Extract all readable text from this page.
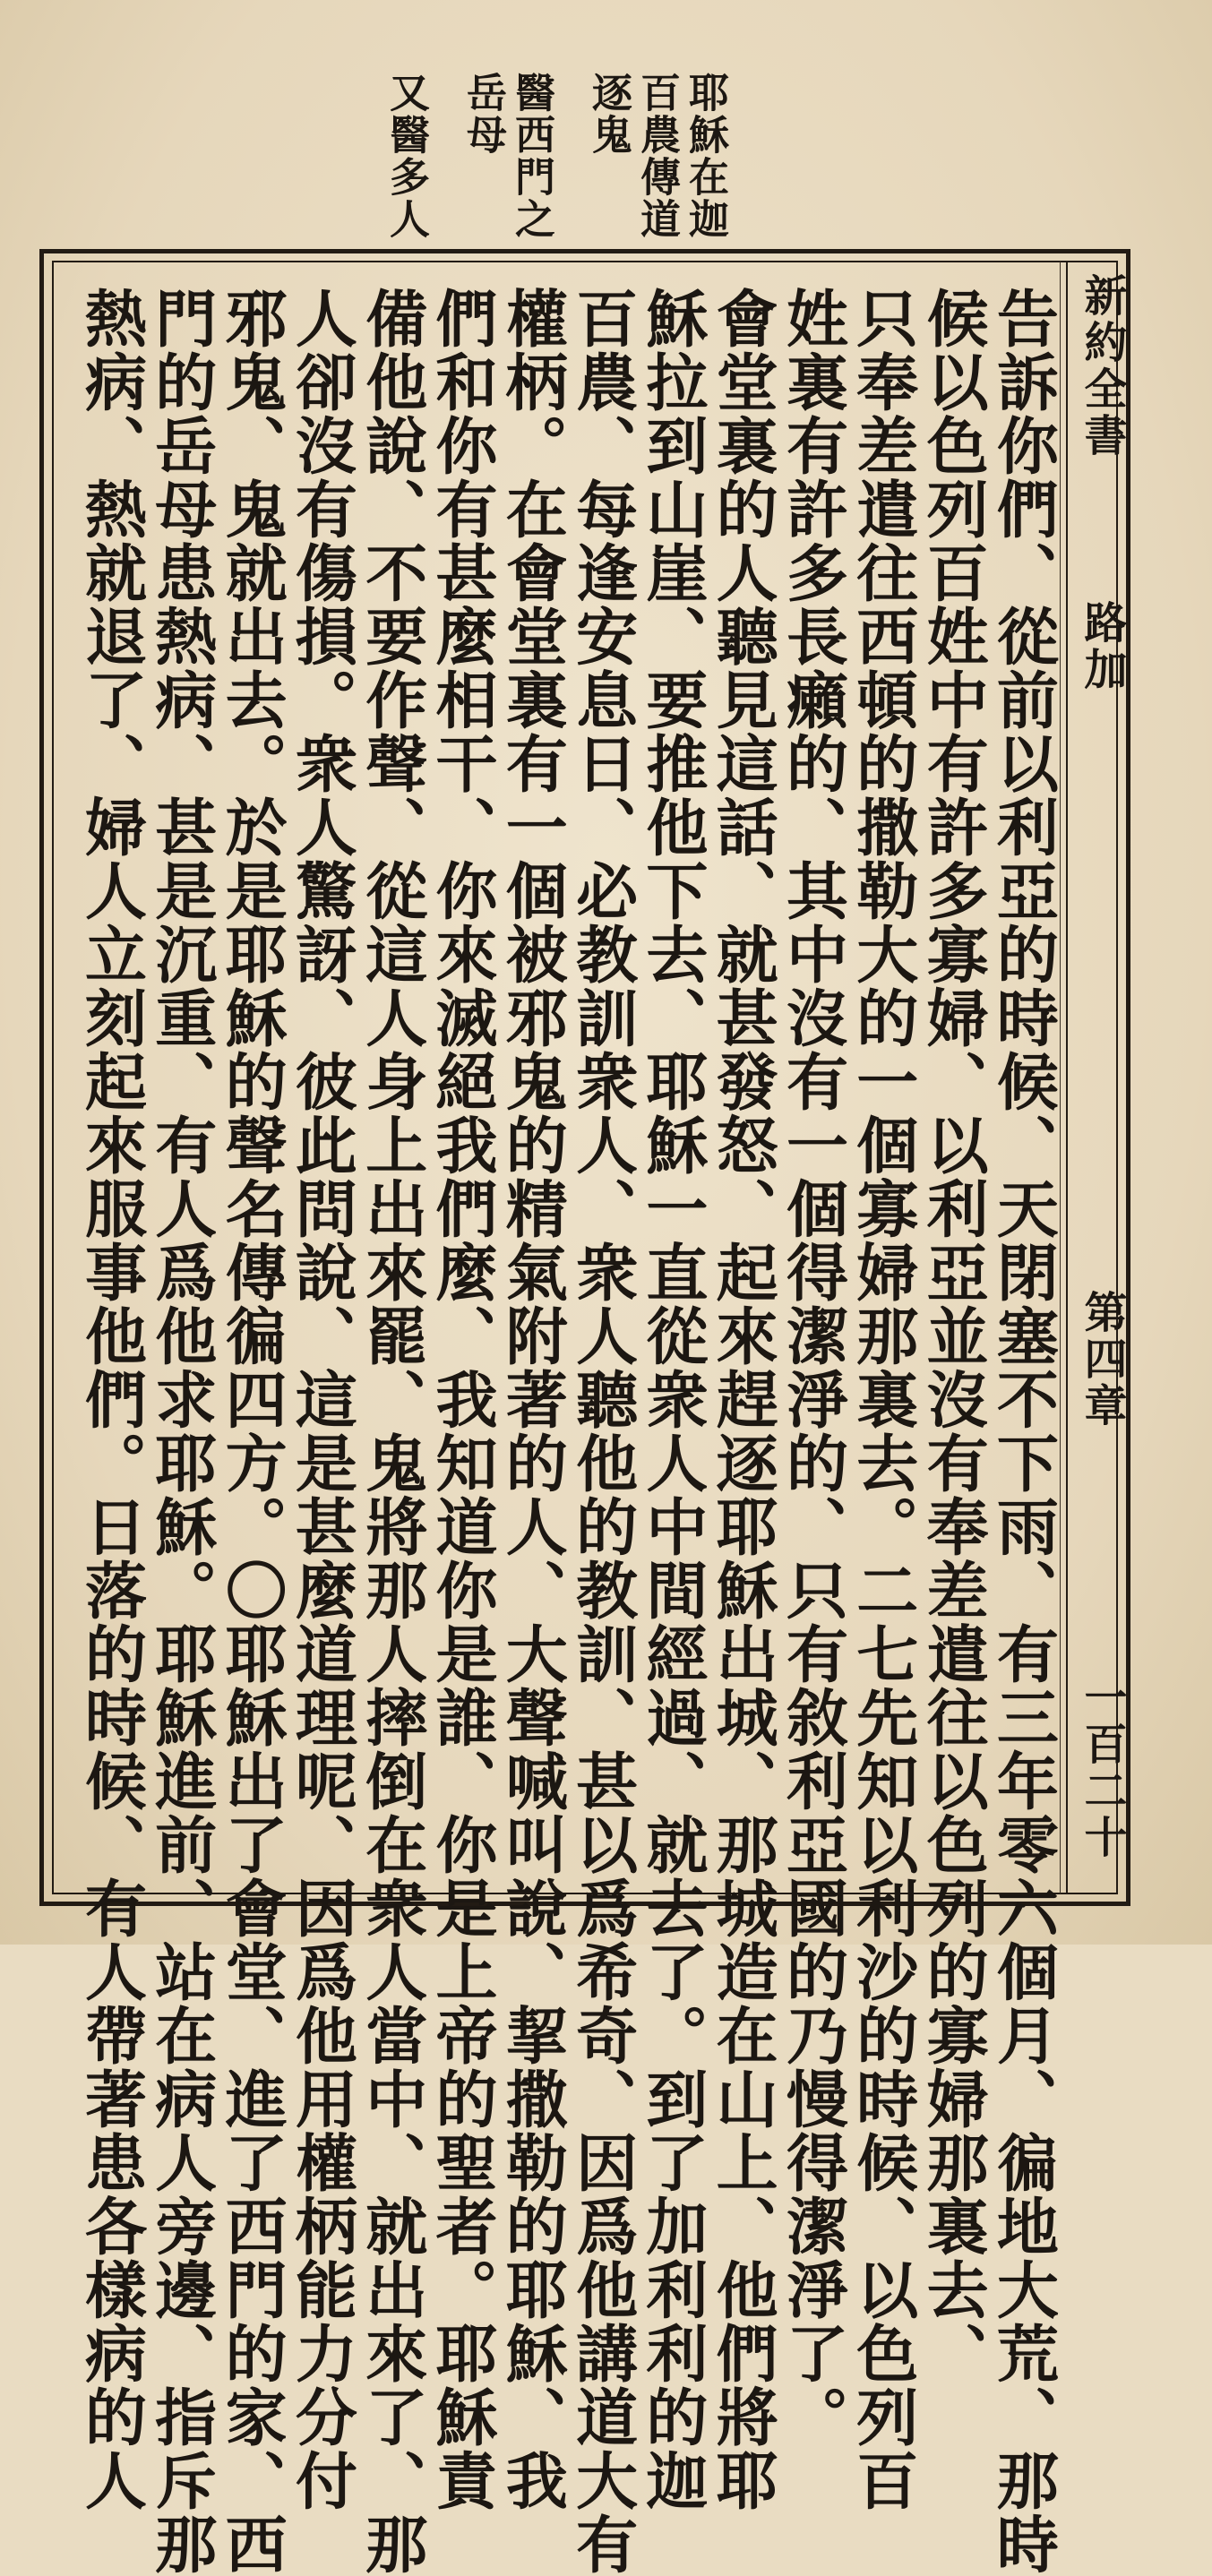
耶穌在迦
百農傳道
逐鬼
醫西門之
岳母
又醫多人
新約全書
路加
第四章
一百二十
告訴你們、從前以利亞的時候、天閉塞不下雨、有三年零六個月、徧地大荒、那時
候以色列百姓中有許多寡婦、以利亞並沒有奉差遣往以色列的寡婦那裏去、
只奉差遣往西頓的撒勒大的一個寡婦那裏去。二七先知以利沙的時候、以色列百
姓裏有許多長癩的、其中沒有一個得潔淨的、只有敘利亞國的乃慢得潔淨了。
會堂裏的人聽見這話、就甚發怒、起來趕逐耶穌出城、那城造在山上、他們將耶
穌拉到山崖、要推他下去、耶穌一直從衆人中間經過、就去了。到了加利利的迦
百農、每逢安息日、必教訓衆人、衆人聽他的教訓、甚以爲希奇、因爲他講道大有
權柄。在會堂裏有一個被邪鬼的精氣附著的人、大聲喊叫說、挈撒勒的耶穌、我
們和你有甚麼相干、你來滅絕我們麼、我知道你是誰、你是上帝的聖者。耶穌責
備他說、不要作聲、從這人身上出來罷、鬼將那人摔倒在衆人當中、就出來了、那
人卻沒有傷損。衆人驚訝、彼此問說、這是甚麼道理呢、因爲他用權柄能力分付
邪鬼、鬼就出去。於是耶穌的聲名傳徧四方。〇耶穌出了會堂、進了西門的家、西
門的岳母患熱病、甚是沉重、有人爲他求耶穌。耶穌進前、站在病人旁邊、指斥那
熱病、熱就退了、婦人立刻起來服事他們。日落的時候、有人帶著患各樣病的人
